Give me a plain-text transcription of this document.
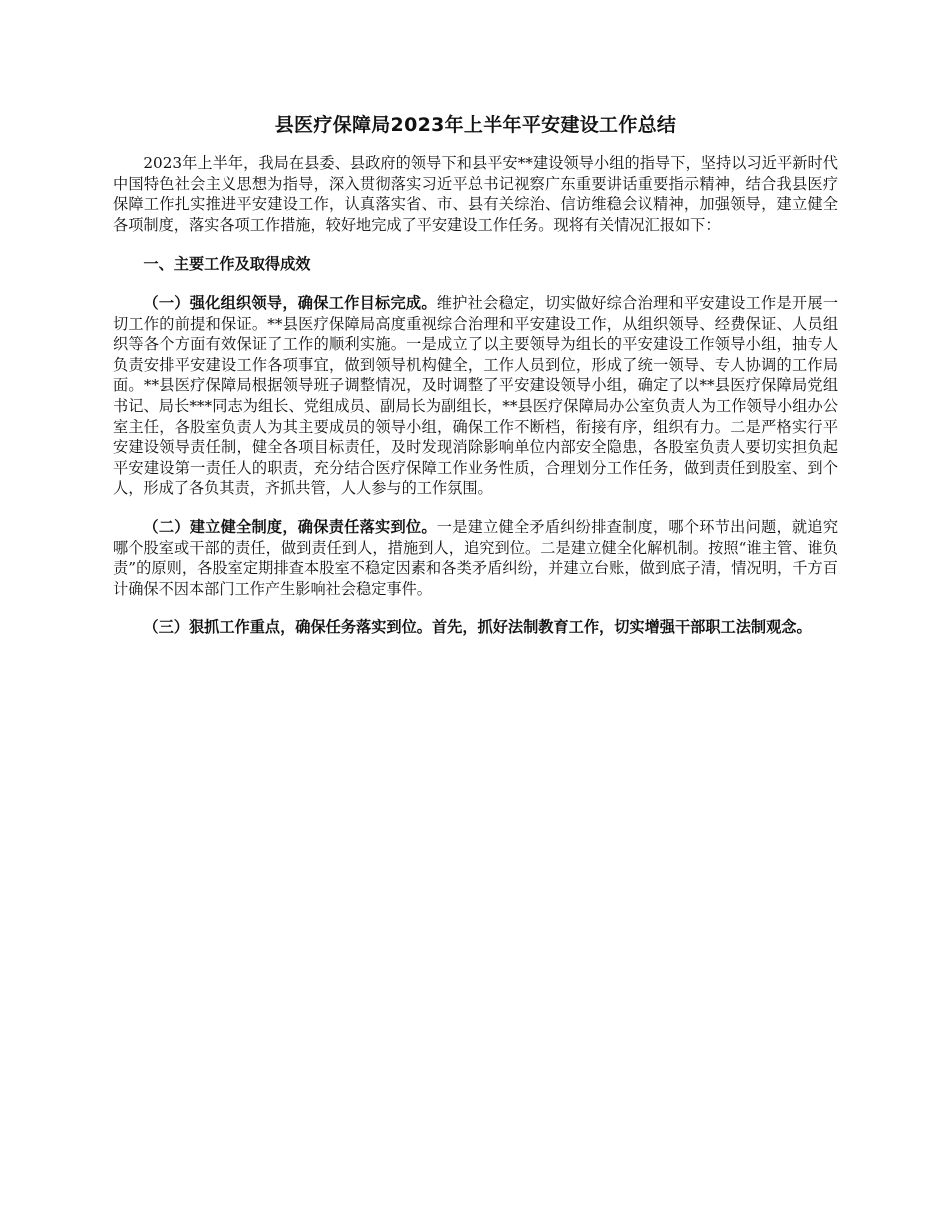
县医疗保障局2023年上半年平安建设工作总结

2023年上半年，我局在县委、县政府的领导下和县平安**建设领导小组的指导下，坚持以习近平新时代中国特色社会主义思想为指导，深入贯彻落实习近平总书记视察广东重要讲话重要指示精神，结合我县医疗保障工作扎实推进平安建设工作，认真落实省、市、县有关综治、信访维稳会议精神，加强领导，建立健全各项制度，落实各项工作措施，较好地完成了平安建设工作任务。现将有关情况汇报如下：

一、主要工作及取得成效

（一）强化组织领导，确保工作目标完成。维护社会稳定，切实做好综合治理和平安建设工作是开展一切工作的前提和保证。**县医疗保障局高度重视综合治理和平安建设工作，从组织领导、经费保证、人员组织等各个方面有效保证了工作的顺利实施。一是成立了以主要领导为组长的平安建设工作领导小组，抽专人负责安排平安建设工作各项事宜，做到领导机构健全，工作人员到位，形成了统一领导、专人协调的工作局面。**县医疗保障局根据领导班子调整情况，及时调整了平安建设领导小组，确定了以**县医疗保障局党组书记、局长***同志为组长、党组成员、副局长为副组长，**县医疗保障局办公室负责人为工作领导小组办公室主任，各股室负责人为其主要成员的领导小组，确保工作不断档，衔接有序，组织有力。二是严格实行平安建设领导责任制，健全各项目标责任，及时发现消除影响单位内部安全隐患，各股室负责人要切实担负起平安建设第一责任人的职责，充分结合医疗保障工作业务性质，合理划分工作任务，做到责任到股室、到个人，形成了各负其责，齐抓共管，人人参与的工作氛围。

（二）建立健全制度，确保责任落实到位。一是建立健全矛盾纠纷排查制度，哪个环节出问题，就追究哪个股室或干部的责任，做到责任到人，措施到人，追究到位。二是建立健全化解机制。按照“谁主管、谁负责”的原则，各股室定期排查本股室不稳定因素和各类矛盾纠纷，并建立台账，做到底子清，情况明，千方百计确保不因本部门工作产生影响社会稳定事件。

（三）狠抓工作重点，确保任务落实到位。首先，抓好法制教育工作，切实增强干部职工法制观念。
